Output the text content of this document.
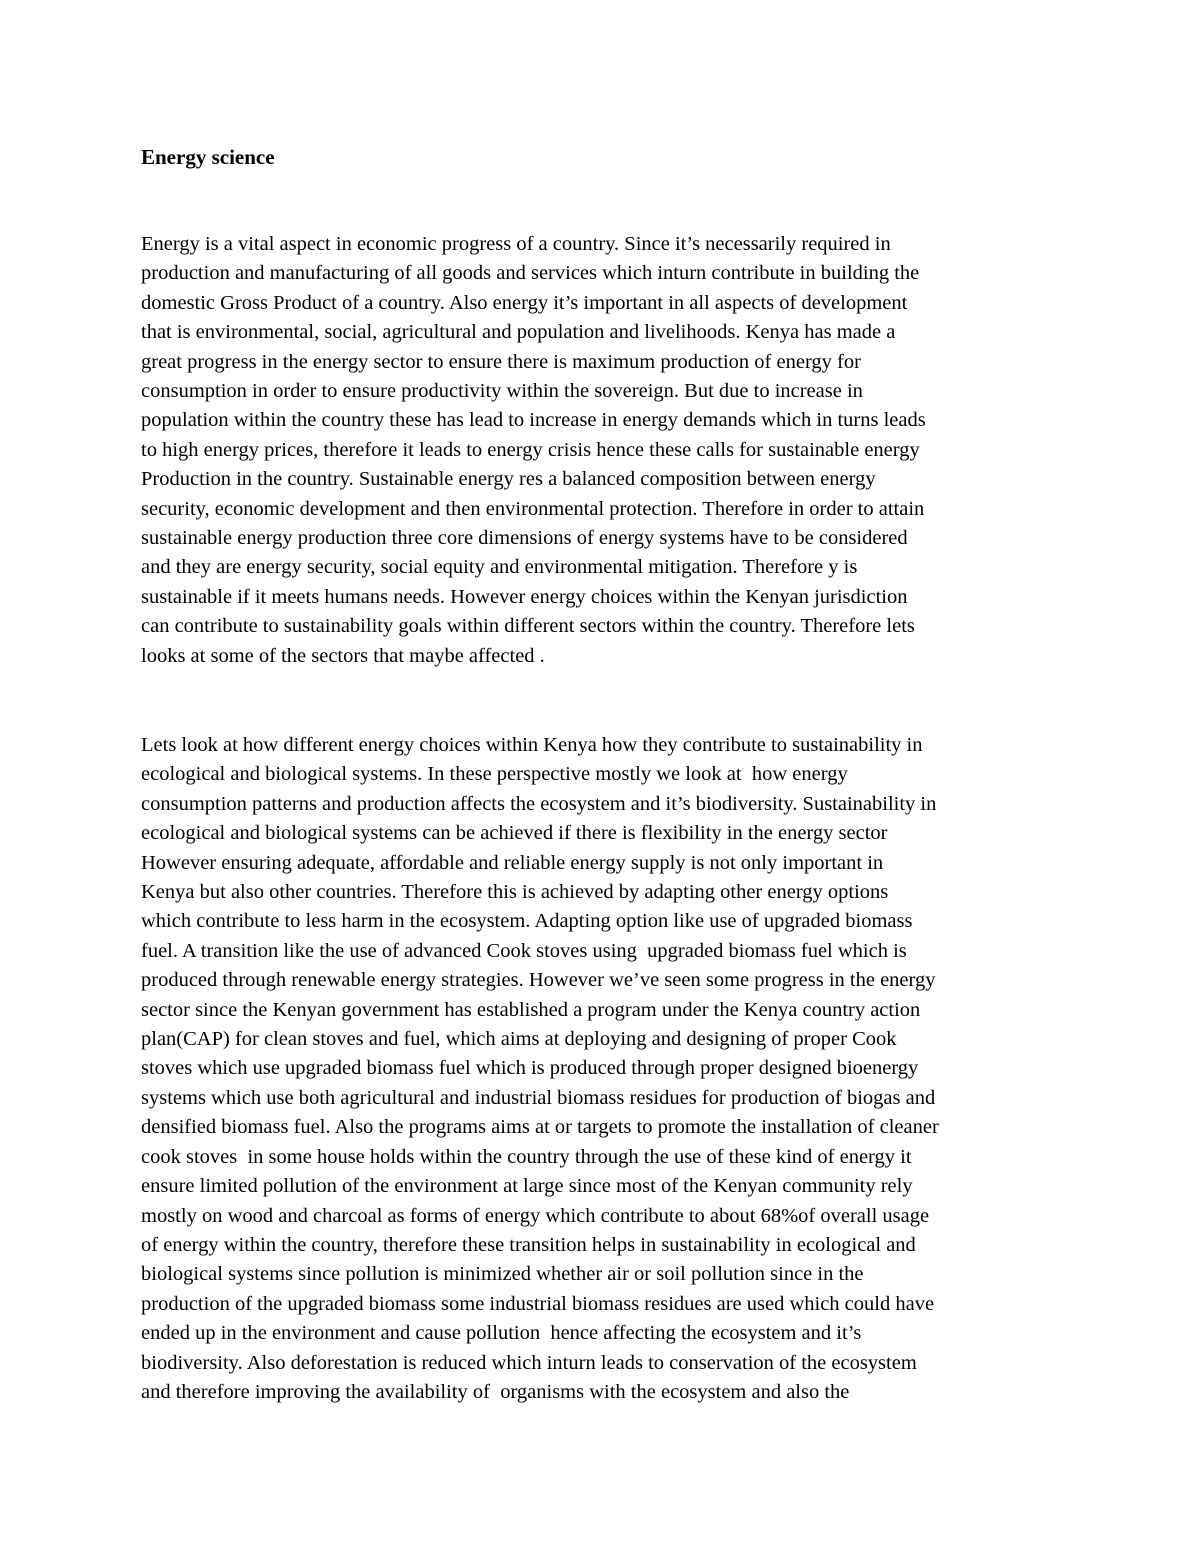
Energy science

Energy is a vital aspect in economic progress of a country. Since it’s necessarily required in
production and manufacturing of all goods and services which inturn contribute in building the
domestic Gross Product of a country. Also energy it’s important in all aspects of development
that is environmental, social, agricultural and population and livelihoods. Kenya has made a
great progress in the energy sector to ensure there is maximum production of energy for
consumption in order to ensure productivity within the sovereign. But due to increase in
population within the country these has lead to increase in energy demands which in turns leads
to high energy prices, therefore it leads to energy crisis hence these calls for sustainable energy
Production in the country. Sustainable energy res a balanced composition between energy
security, economic development and then environmental protection. Therefore in order to attain
sustainable energy production three core dimensions of energy systems have to be considered
and they are energy security, social equity and environmental mitigation. Therefore y is
sustainable if it meets humans needs. However energy choices within the Kenyan jurisdiction
can contribute to sustainability goals within different sectors within the country. Therefore lets
looks at some of the sectors that maybe affected .

Lets look at how different energy choices within Kenya how they contribute to sustainability in
ecological and biological systems. In these perspective mostly we look at  how energy
consumption patterns and production affects the ecosystem and it’s biodiversity. Sustainability in
ecological and biological systems can be achieved if there is flexibility in the energy sector
However ensuring adequate, affordable and reliable energy supply is not only important in
Kenya but also other countries. Therefore this is achieved by adapting other energy options
which contribute to less harm in the ecosystem. Adapting option like use of upgraded biomass
fuel. A transition like the use of advanced Cook stoves using  upgraded biomass fuel which is
produced through renewable energy strategies. However we’ve seen some progress in the energy
sector since the Kenyan government has established a program under the Kenya country action
plan(CAP) for clean stoves and fuel, which aims at deploying and designing of proper Cook
stoves which use upgraded biomass fuel which is produced through proper designed bioenergy
systems which use both agricultural and industrial biomass residues for production of biogas and
densified biomass fuel. Also the programs aims at or targets to promote the installation of cleaner
cook stoves  in some house holds within the country through the use of these kind of energy it
ensure limited pollution of the environment at large since most of the Kenyan community rely
mostly on wood and charcoal as forms of energy which contribute to about 68%of overall usage
of energy within the country, therefore these transition helps in sustainability in ecological and
biological systems since pollution is minimized whether air or soil pollution since in the
production of the upgraded biomass some industrial biomass residues are used which could have
ended up in the environment and cause pollution  hence affecting the ecosystem and it’s
biodiversity. Also deforestation is reduced which inturn leads to conservation of the ecosystem
and therefore improving the availability of  organisms with the ecosystem and also the
